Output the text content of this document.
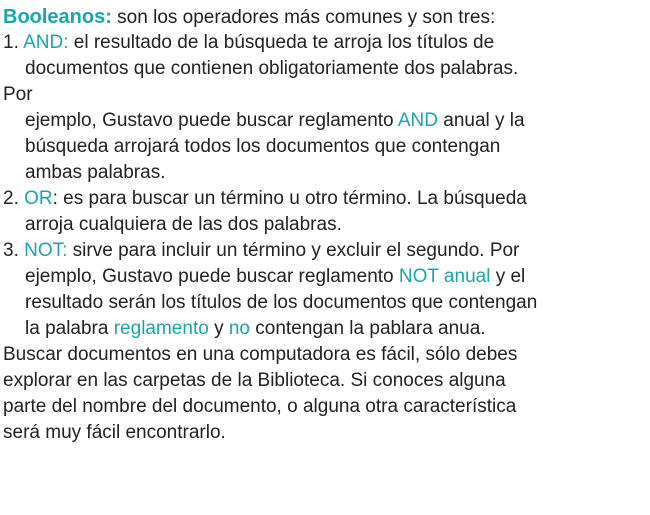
Booleanos: son los operadores más comunes y son tres:
1. AND: el resultado de la búsqueda te arroja los títulos de
documentos que contienen obligatoriamente dos palabras.
Por
ejemplo, Gustavo puede buscar reglamento AND anual y la
búsqueda arrojará todos los documentos que contengan
ambas palabras.
2. OR: es para buscar un término u otro término. La búsqueda
arroja cualquiera de las dos palabras.
3. NOT: sirve para incluir un término y excluir el segundo. Por
ejemplo, Gustavo puede buscar reglamento NOT anual y el
resultado serán los títulos de los documentos que contengan
la palabra reglamento y no contengan la pablara anua.
Buscar documentos en una computadora es fácil, sólo debes
explorar en las carpetas de la Biblioteca. Si conoces alguna
parte del nombre del documento, o alguna otra característica
será muy fácil encontrarlo.
